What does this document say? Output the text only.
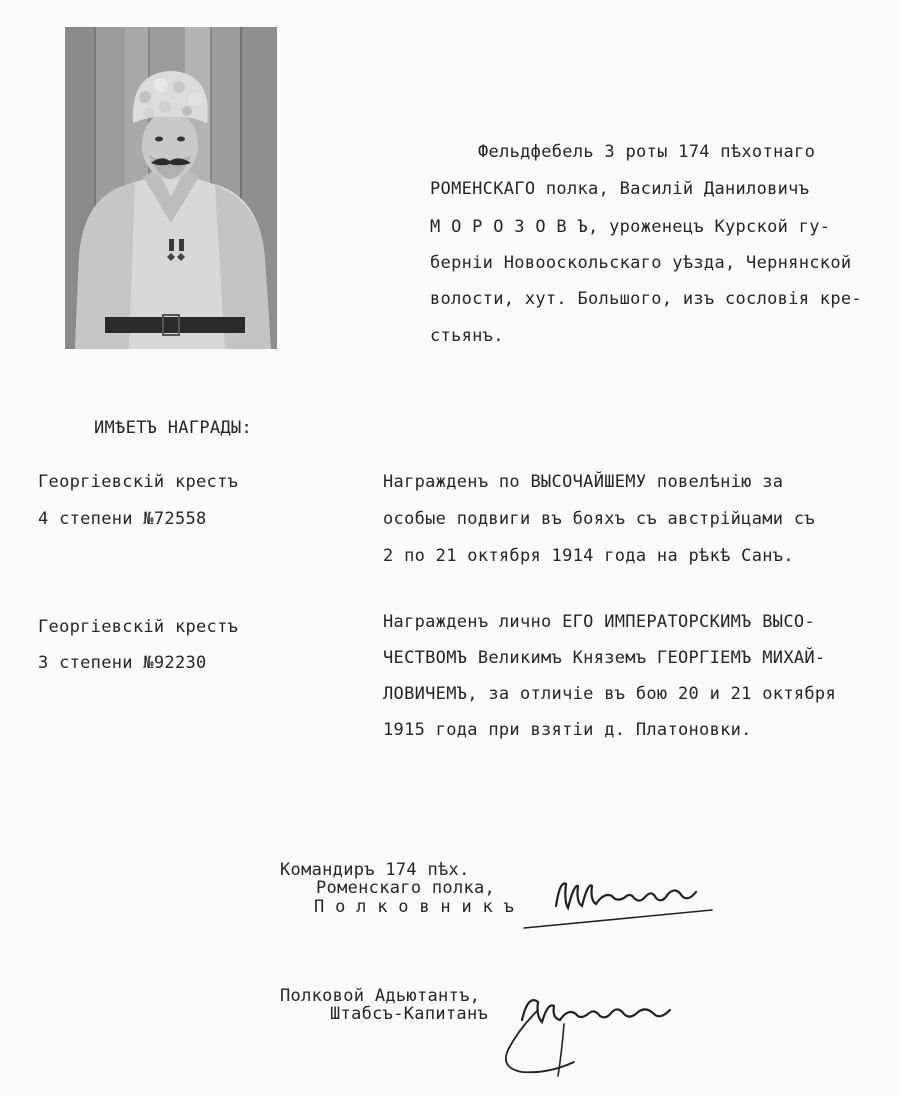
Фельдфебель 3 роты 174 пѣхотнаго
РОМЕНСКАГО полка, Василій Даниловичъ
М О Р О З О В Ъ, уроженецъ Курской гу-
берніи Новооскольскаго уѣзда, Чернянской
волости, хут. Большого, изъ сословія кре-
стьянъ.
ИМѢЕТЪ НАГРАДЫ:
Георгіевскій крестъ
4 степени №72558
Награжденъ по ВЫСОЧАЙШЕМУ повелѣнію за
особые подвиги въ бояхъ съ австрійцами съ
2 по 21 октября 1914 года на рѣкѣ Санъ.
Георгіевскій крестъ
3 степени №92230
Награжденъ лично ЕГО ИМПЕРАТОРСКИМЪ ВЫСО-
ЧЕСТВОМЪ Великимъ Княземъ ГЕОРГІЕМЪ МИХАЙ-
ЛОВИЧЕМЪ, за отличіе въ бою 20 и 21 октября
1915 года при взятіи д. Платоновки.
Командиръ 174 пѣх.
Роменскаго полка,
П о л к о в н и к ъ
Полковой Адьютантъ,
Штабсъ-Капитанъ
